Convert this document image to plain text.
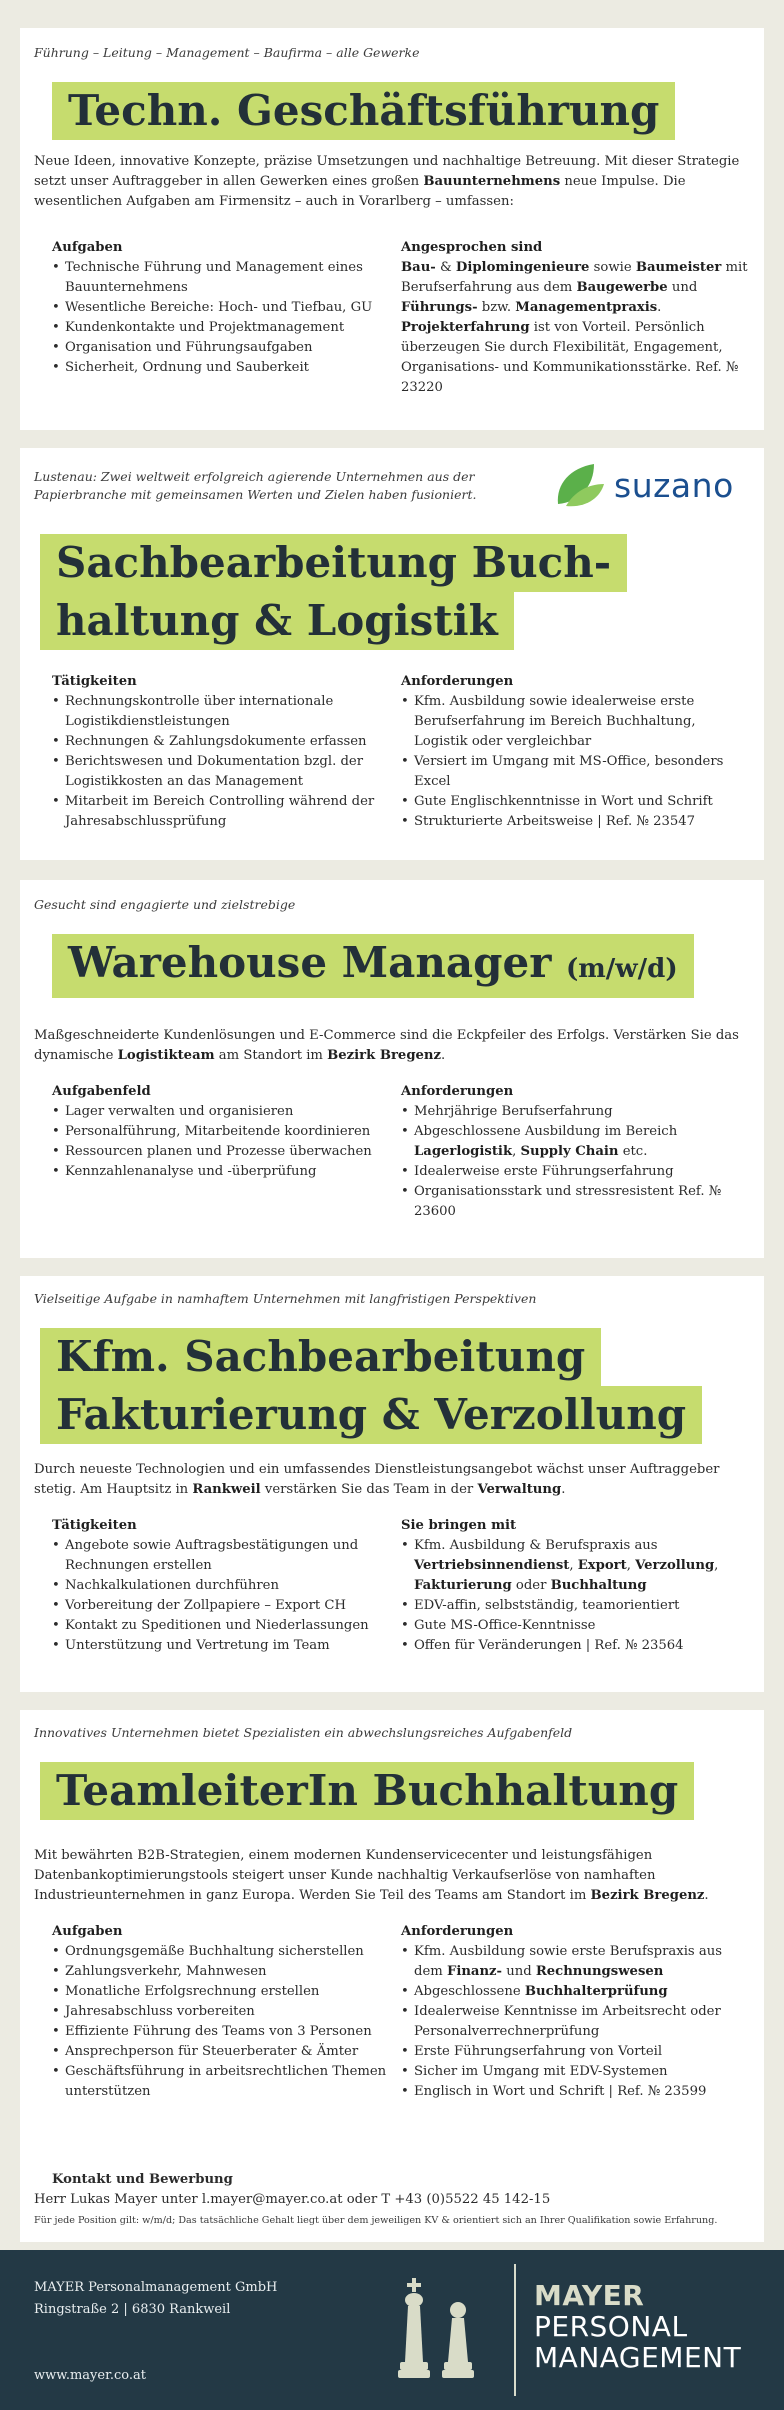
Führung – Leitung – Management – Baufirma – alle Gewerke

Techn. Geschäftsführung

Neue Ideen, innovative Konzepte, präzise Umsetzungen und nachhaltige Betreuung. Mit dieser Strategie setzt unser Auftraggeber in allen Gewerken eines großen Bauunternehmens neue Impulse. Die wesentlichen Aufgaben am Firmensitz – auch in Vorarlberg – umfassen:

Aufgaben
• Technische Führung und Management eines Bauunternehmens
• Wesentliche Bereiche: Hoch- und Tiefbau, GU
• Kundenkontakte und Projektmanagement
• Organisation und Führungsaufgaben
• Sicherheit, Ordnung und Sauberkeit
Angesprochen sind

Bau- & Diplomingenieure sowie Baumeister mit Berufserfahrung aus dem Baugewerbe und Führungs- bzw. Managementpraxis. Projekterfahrung ist von Vorteil. Persönlich überzeugen Sie durch Flexibilität, Engagement, Organisations- und Kommunikationsstärke. Ref. № 23220

Lustenau: Zwei weltweit erfolgreich agierende Unternehmen aus der Papierbranche mit gemeinsamen Werten und Zielen haben fusioniert.	suzano
Sachbearbeitung Buch-
haltung & Logistik
Tätigkeiten
• Rechnungskontrolle über internationale Logistikdienstleistungen
• Rechnungen & Zahlungsdokumente erfassen
• Berichtswesen und Dokumentation bzgl. der Logistikkosten an das Management
• Mitarbeit im Bereich Controlling während der Jahresabschlussprüfung
Anforderungen
• Kfm. Ausbildung sowie idealerweise erste Berufserfahrung im Bereich Buchhaltung, Logistik oder vergleichbar
• Versiert im Umgang mit MS-Office, besonders Excel
• Gute Englischkenntnisse in Wort und Schrift
• Strukturierte Arbeitsweise | Ref. № 23547

Gesucht sind engagierte und zielstrebige

Warehouse Manager (m/w/d)

Maßgeschneiderte Kundenlösungen und E-Commerce sind die Eckpfeiler des Erfolgs. Verstärken Sie das dynamische Logistikteam am Standort im Bezirk Bregenz.

Aufgabenfeld
• Lager verwalten und organisieren
• Personalführung, Mitarbeitende koordinieren
• Ressourcen planen und Prozesse überwachen
• Kennzahlenanalyse und -überprüfung
Anforderungen
• Mehrjährige Berufserfahrung
• Abgeschlossene Ausbildung im Bereich Lagerlogistik, Supply Chain etc.
• Idealerweise erste Führungserfahrung
• Organisationsstark und stressresistent Ref. № 23600

Vielseitige Aufgabe in namhaftem Unternehmen mit langfristigen Perspektiven

Kfm. Sachbearbeitung
Fakturierung & Verzollung

Durch neueste Technologien und ein umfassendes Dienstleistungsangebot wächst unser Auftraggeber stetig. Am Hauptsitz in Rankweil verstärken Sie das Team in der Verwaltung.

Tätigkeiten
• Angebote sowie Auftragsbestätigungen und Rechnungen erstellen
• Nachkalkulationen durchführen
• Vorbereitung der Zollpapiere – Export CH
• Kontakt zu Speditionen und Niederlassungen
• Unterstützung und Vertretung im Team
Sie bringen mit
• Kfm. Ausbildung & Berufspraxis aus Vertriebsinnendienst, Export, Verzollung, Fakturierung oder Buchhaltung
• EDV-affin, selbstständig, teamorientiert
• Gute MS-Office-Kenntnisse
• Offen für Veränderungen | Ref. № 23564

Innovatives Unternehmen bietet Spezialisten ein abwechslungsreiches Aufgabenfeld

TeamleiterIn Buchhaltung

Mit bewährten B2B-Strategien, einem modernen Kundenservicecenter und leistungsfähigen Datenbankoptimierungstools steigert unser Kunde nachhaltig Verkaufserlöse von namhaften Industrieunternehmen in ganz Europa. Werden Sie Teil des Teams am Standort im Bezirk Bregenz.

Aufgaben
• Ordnungsgemäße Buchhaltung sicherstellen
• Zahlungsverkehr, Mahnwesen
• Monatliche Erfolgsrechnung erstellen
• Jahresabschluss vorbereiten
• Effiziente Führung des Teams von 3 Personen
• Ansprechperson für Steuerberater & Ämter
• Geschäftsführung in arbeitsrechtlichen Themen unterstützen
Anforderungen
• Kfm. Ausbildung sowie erste Berufspraxis aus dem Finanz- und Rechnungswesen
• Abgeschlossene Buchhalterprüfung
• Idealerweise Kenntnisse im Arbeitsrecht oder Personalverrechnerprüfung
• Erste Führungserfahrung von Vorteil
• Sicher im Umgang mit EDV-Systemen
• Englisch in Wort und Schrift | Ref. № 23599
Kontakt und Bewerbung
Herr Lukas Mayer unter l.mayer@mayer.co.at oder T +43 (0)5522 45 142-15
Für jede Position gilt: w/m/d; Das tatsächliche Gehalt liegt über dem jeweiligen KV & orientiert sich an Ihrer Qualifikation sowie Erfahrung.
MAYER Personalmanagement GmbH
Ringstraße 2 | 6830 Rankweil
www.mayer.co.at
MAYER
PERSONAL
MANAGEMENT
